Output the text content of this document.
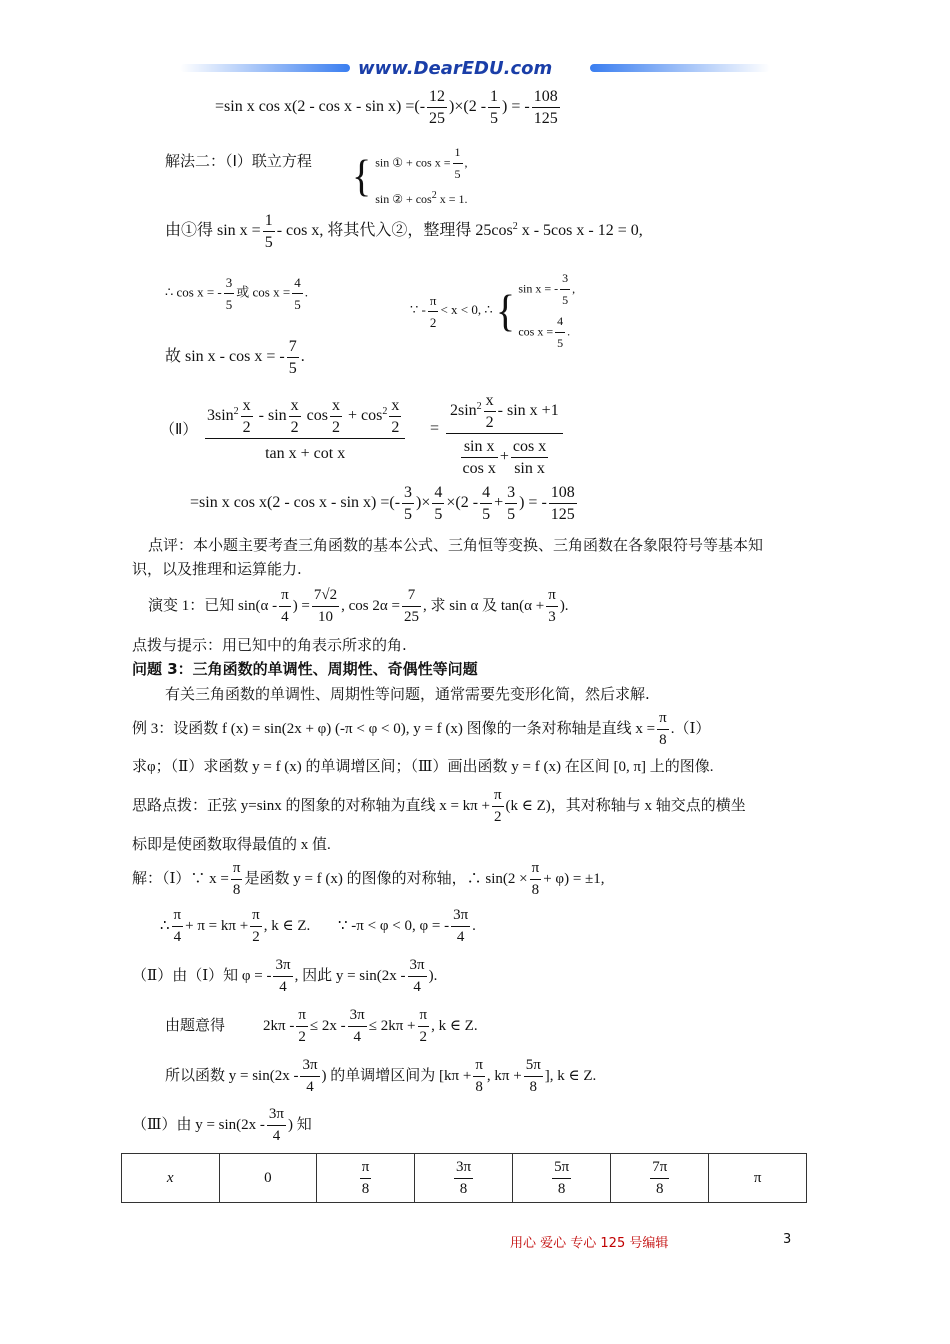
www.DearEDU.com
=sin x cos x(2 - cos x - sin x) =(- $\frac{12}{25} )\times(2 - \frac{1}{5}$ ) = - $\frac{108}{125}$
解法二：（Ⅰ）联立方程 { sin ① + $\cos x = \frac{1}{5}$ ,
sin ② + $\cos^2 x = 1$.
由①得 $\sin x = \frac{1}{5} - \cos x$, 将其代入②，整理得 $25\cos^2$ x - 5cos x - 12 = 0,
∴ cos x = - $\frac{3}{5}$ 或 $\cos x = \frac{4}{5}$ .
∵ - $\frac{\pi}{2} < x < 0$, ∴ { sin x = - $\frac{3}{5}$ ,
$\cos x = \frac{4}{5}$ .
故 sin x - cos x = - $\frac{7}{5}$ .
（Ⅱ）
$3\sin^2 \frac{x}{2}$ - $\sin \frac{x}{2}$ $\cos \frac{x}{2} + \cos^2 \frac{x}{2}$
tan x + cot x
=
$2\sin^2 \frac{x}{2} - \sin x +1$
$\frac{\text{sin x}}{\text{cos x}} + \frac{\text{cos x}}{\text{sin x}}$
=sin x cos x(2 - cos x - sin x) =(- $\frac{3}{5}$ )× $\frac{4}{5} \times(2 - \frac{4}{5} + \frac{3}{5}$ ) = - $\frac{108}{125}$
点评：本小题主要考查三角函数的基本公式、三角恒等变换、三角函数在各象限符号等基本知
识，以及推理和运算能力.
演变 1：已知 $\sin(\alpha - \frac{\pi}{4}$ ) = $\frac{7√2}{10}$ , $\cos 2\alpha = \frac{7}{25}$ , 求 sin α 及 $\tan(\alpha + \frac{\pi}{3}$ ).
点拨与提示：用已知中的角表示所求的角.
问题 3：三角函数的单调性、周期性、奇偶性等问题
有关三角函数的单调性、周期性等问题，通常需要先变形化简，然后求解.
例 3：设函数 f (x) = sin(2x + φ) (-π < φ < 0), y = f (x) 图像的一条对称轴是直线 $x = \frac{\pi}{8}$ .（Ⅰ）
求φ；（Ⅱ）求函数 y = f (x) 的单调增区间；（Ⅲ）画出函数 y = f (x) 在区间 [0, π] 上的图像.
思路点拨：正弦 y=sinx 的图象的对称轴为直线 $x = k\pi + \frac{\pi}{2} (k$ ∈ Z)，其对称轴与 x 轴交点的横坐
标即是使函数取得最值的 x 值.
解：（Ⅰ）∵ $x = \frac{\pi}{8}$ 是函数 y = f (x) 的图像的对称轴，∴ $\sin(2 \times \frac{\pi}{8} + \varphi) = \pm 1$,
∴ $\frac{\pi}{4} + \pi = k\pi + \frac{\pi}{2}$ , k ∈ Z. ∵ -π < φ < 0, φ = - $\frac{3\pi}{4}$ .
（Ⅱ）由（Ⅰ）知 φ = - $\frac{3\pi}{4}$ , 因此 $y = \sin(2x - \frac{3\pi}{4}$ ).
由题意得	$2k\pi - \frac{\pi}{2} \le 2x - \frac{3\pi}{4} \le 2k\pi + \frac{\pi}{2}$ , k ∈ Z.
所以函数 $y = \sin(2x - \frac{3\pi}{4}$ ) 的单调增区间为 [$k\pi + \frac{\pi}{8}$ , $k\pi + \frac{5\pi}{8}$ ], k ∈ Z.
（Ⅲ）由 $y = \sin(2x - \frac{3\pi}{4}$ ) 知
x	0	$\frac{\pi}{8}$	$\frac{3\pi}{8}$	$\frac{5\pi}{8}$	$\frac{7\pi}{8}$	π
用心 爱心 专心 125 号编辑	3
